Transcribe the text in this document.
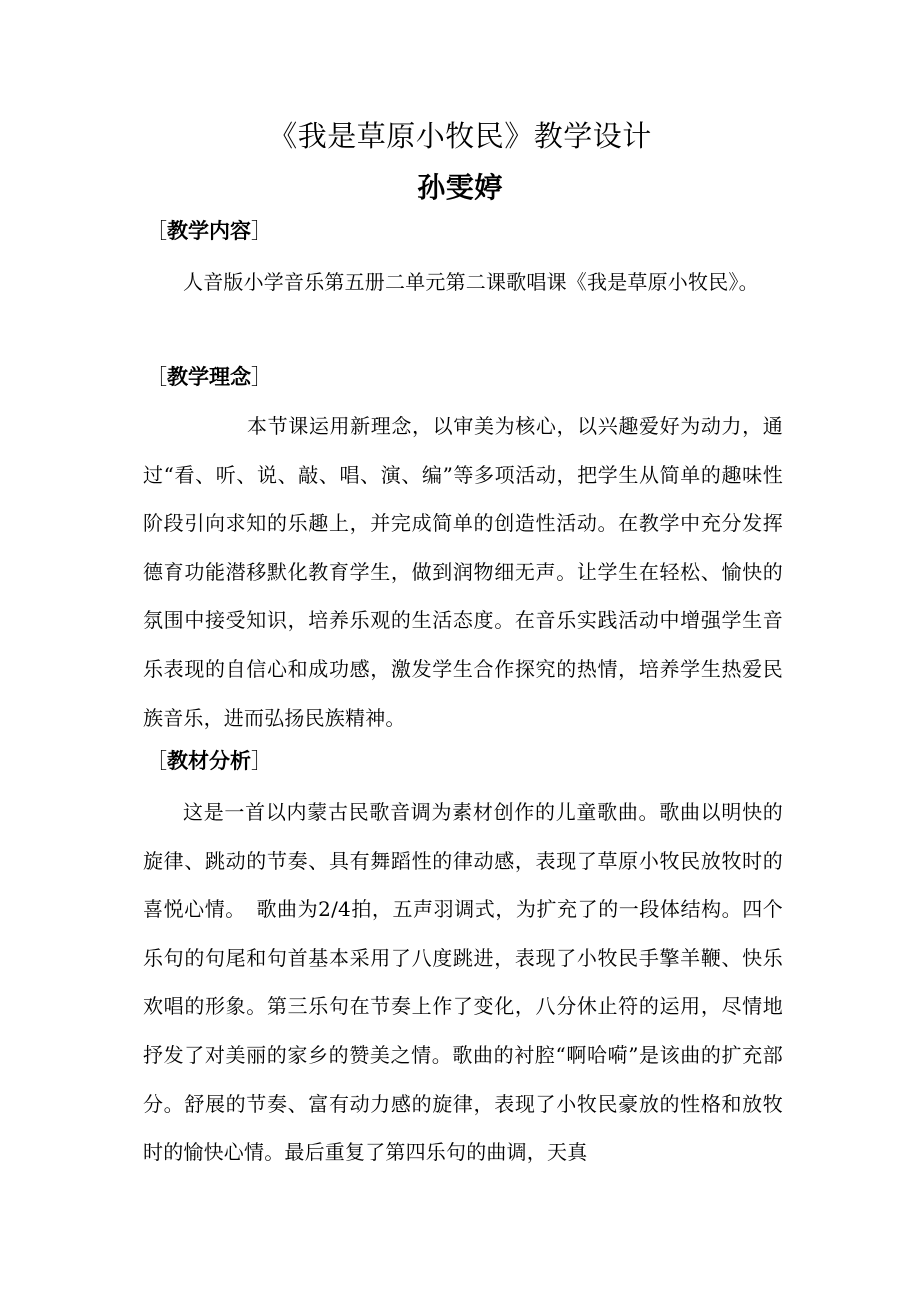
《我是草原小牧民》教学设计
孙雯婷
［教学内容］
人音版小学音乐第五册二单元第二课歌唱课《我是草原小牧民》。
［教学理念］
本节课运用新理念，以审美为核心，以兴趣爱好为动力，通过“看、听、说、敲、唱、演、编”等多项活动，把学生从简单的趣味性阶段引向求知的乐趣上，并完成简单的创造性活动。在教学中充分发挥德育功能潜移默化教育学生，做到润物细无声。让学生在轻松、愉快的氛围中接受知识，培养乐观的生活态度。在音乐实践活动中增强学生音乐表现的自信心和成功感，激发学生合作探究的热情，培养学生热爱民族音乐，进而弘扬民族精神。
［教材分析］
这是一首以内蒙古民歌音调为素材创作的儿童歌曲。歌曲以明快的旋律、跳动的节奏、具有舞蹈性的律动感，表现了草原小牧民放牧时的喜悦心情。　歌曲为2/4拍，五声羽调式，为扩充了的一段体结构。四个乐句的句尾和句首基本采用了八度跳进，表现了小牧民手擎羊鞭、快乐欢唱的形象。第三乐句在节奏上作了变化，八分休止符的运用，尽情地抒发了对美丽的家乡的赞美之情。歌曲的衬腔“啊哈嗬”是该曲的扩充部分。舒展的节奏、富有动力感的旋律，表现了小牧民豪放的性格和放牧时的愉快心情。最后重复了第四乐句的曲调，天真
